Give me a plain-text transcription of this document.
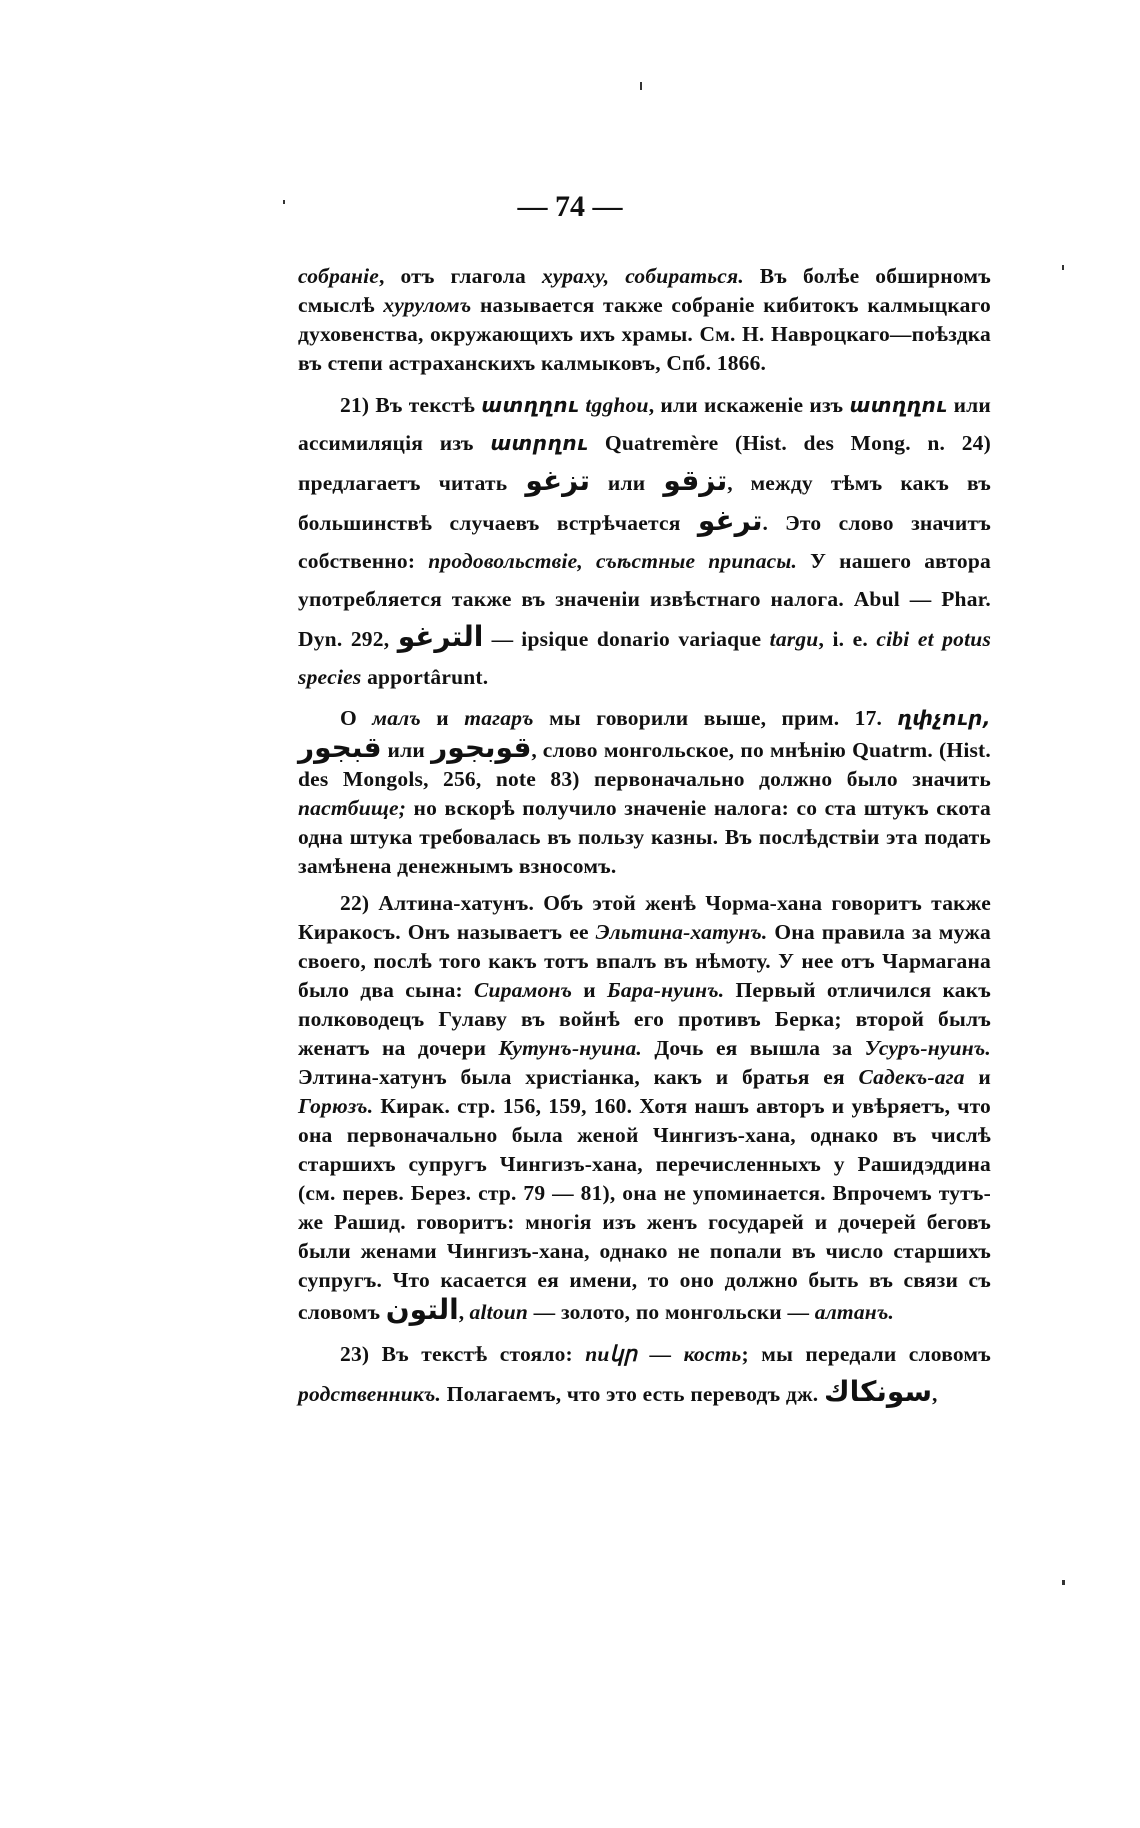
— 74 —

собраніе, отъ глагола хураху, собираться. Въ болѣе обширномъ смыслѣ хуруломъ называется также собраніе кибитокъ калмыцкаго духовенства, окружающихъ ихъ храмы. См. Н. Навроцкаго—поѣздка въ степи астраханскихъ калмыковъ, Спб. 1866.

21) Въ текстѣ ատղղու tgghou, или искаженіе изъ ատղղու или ассимиляція изъ ատրղու Quatremère (Hist. des Mong. n. 24) предлагаетъ читать تزغو или تزقو, между тѣмъ какъ въ большинствѣ случаевъ встрѣчается ترغو. Это слово значитъ собственно: продовольствіе, съѣстные припасы. У нашего автора употребляется также въ значеніи извѣстнаго налога. Abul — Phar. Dyn. 292, الترغو — ipsique donario variaque targu, i. e. cibi et potus species apportârunt.

О малъ и тагаръ мы говорили выше, прим. 17. ղփչուր, قبجور или قوبجور, слово монгольское, по мнѣнію Quatrm. (Hist. des Mongols, 256, note 83) первоначально должно было значить пастбище; но вскорѣ получило значеніе налога: со ста штукъ скота одна штука требовалась въ пользу казны. Въ послѣдствіи эта подать замѣнена денежнымъ взносомъ.

22) Алтина-хатунъ. Объ этой женѣ Чорма-хана говоритъ также Киракосъ. Онъ называетъ ее Эльтина-хатунъ. Она правила за мужа своего, послѣ того какъ тотъ впалъ въ нѣмоту. У нее отъ Чармагана было два сына: Сирамонъ и Бара-нуинъ. Первый отличился какъ полководецъ Гулаву въ войнѣ его противъ Берка; второй былъ женатъ на дочери Кутунъ-нуина. Дочь ея вышла за Усуръ-нуинъ. Элтина-хатунъ была христіанка, какъ и братья ея Садекъ-ага и Горюзъ. Кирак. стр. 156, 159, 160. Хотя нашъ авторъ и увѣряетъ, что она первоначально была женой Чингизъ-хана, однако въ числѣ старшихъ супругъ Чингизъ-хана, перечисленныхъ у Рашидэддина (см. перев. Берез. стр. 79 — 81), она не упоминается. Впрочемъ тутъ-же Рашид. говоритъ: многія изъ женъ государей и дочерей беговъ были женами Чингизъ-хана, однако не попали въ число старшихъ супругъ. Что касается ея имени, то оно должно быть въ связи съ словомъ التون, altoun — золото, по монгольски — алтанъ.

23) Въ текстѣ стояло: пиկր — кость; мы передали словомъ родственникъ. Полагаемъ, что это есть переводъ дж. سونكاك,
